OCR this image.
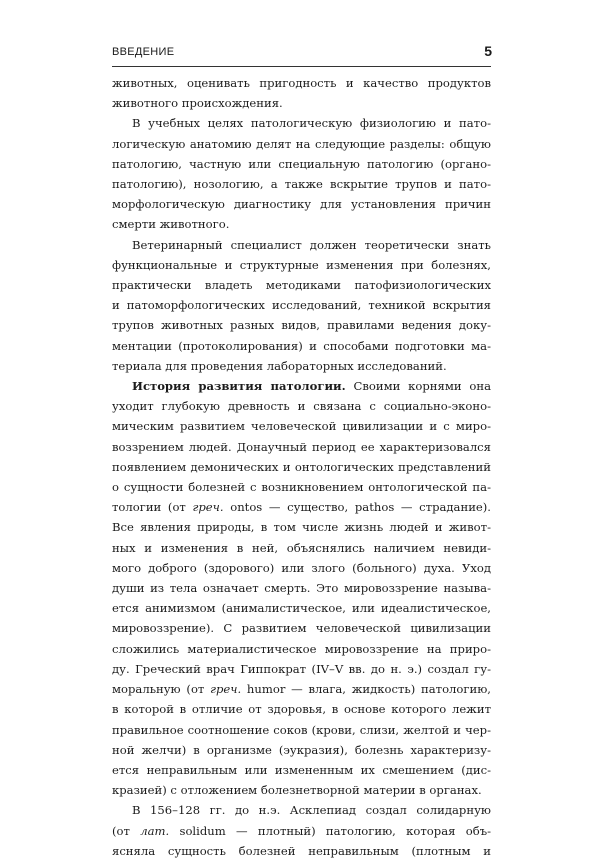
ВВЕДЕНИЕ	5
животных, оценивать пригодность и качество продуктов
животного происхождения.
В учебных целях патологическую физиологию и пато-
логическую анатомию делят на следующие разделы: общую
патологию, частную или специальную патологию (органо-
патологию), нозологию, а также вскрытие трупов и пато-
морфологическую диагностику для установления причин
смерти животного.
Ветеринарный специалист должен теоретически знать
функциональные и структурные изменения при болезнях,
практически владеть методиками патофизиологических
и патоморфологических исследований, техникой вскрытия
трупов животных разных видов, правилами ведения доку-
ментации (протоколирования) и способами подготовки ма-
териала для проведения лабораторных исследований.
История развития патологии. Своими корнями она
уходит глубокую древность и связана с социально-эконо-
мическим развитием человеческой цивилизации и с миро-
воззрением людей. Донаучный период ее характеризовался
появлением демонических и онтологических представлений
о сущности болезней с возникновением онтологической па-
тологии (от греч. ontos — существо, pathos — страдание).
Все явления природы, в том числе жизнь людей и живот-
ных и изменения в ней, объяснялись наличием невиди-
мого доброго (здорового) или злого (больного) духа. Уход
души из тела означает смерть. Это мировоззрение называ-
ется анимизмом (анималистическое, или идеалистическое,
мировоззрение). С развитием человеческой цивилизации
сложились материалистическое мировоззрение на приро-
ду. Греческий врач Гиппократ (IV–V вв. до н. э.) создал гу-
моральную (от греч. humor — влага, жидкость) патологию,
в которой в отличие от здоровья, в основе которого лежит
правильное соотношение соков (крови, слизи, желтой и чер-
ной желчи) в организме (эукразия), болезнь характеризу-
ется неправильным или измененным их смешением (дис-
кразией) с отложением болезнетворной материи в органах.
В 156–128 гг. до н.э. Асклепиад создал солидарную
(от лат. solidum — плотный) патологию, которая объ-
ясняла сущность болезней неправильным (плотным и
